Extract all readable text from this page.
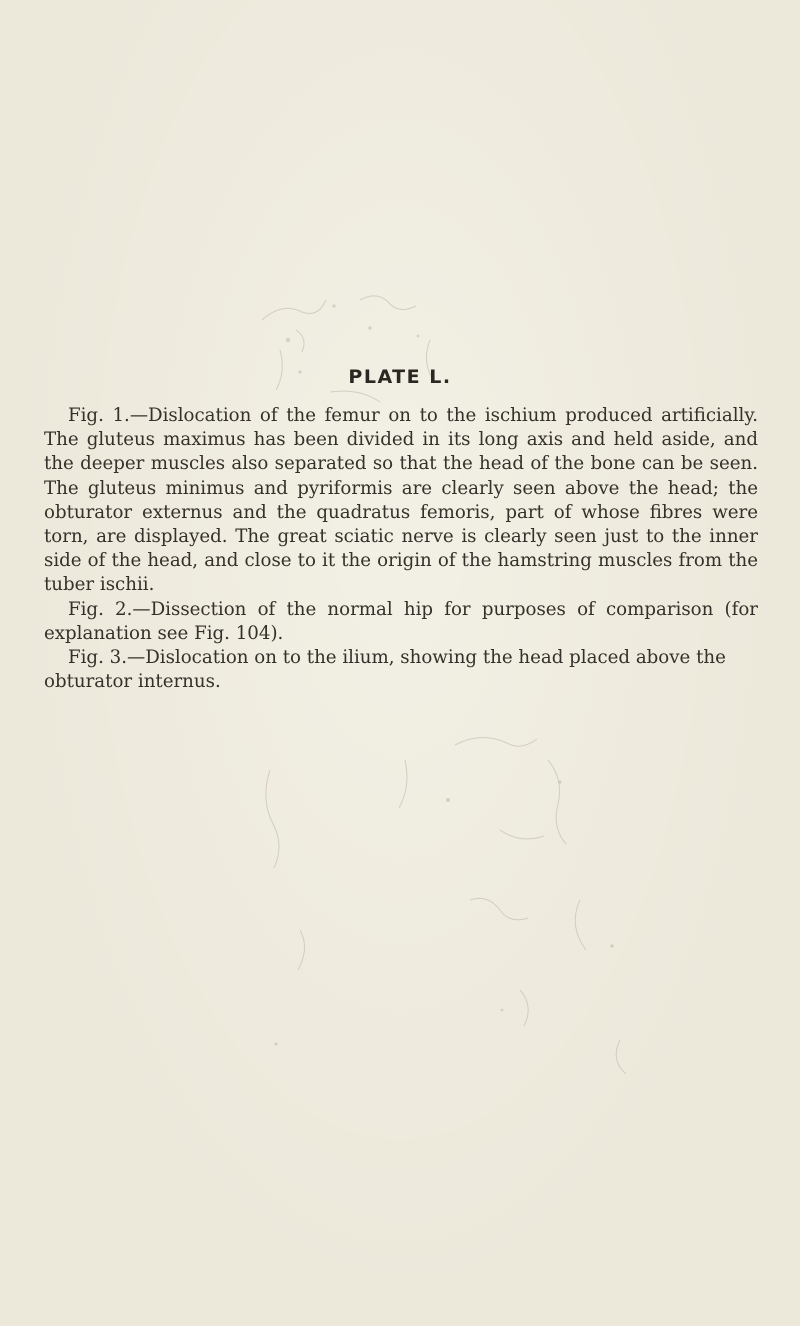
PLATE L.

Fig. 1.—Dislocation of the femur on to the ischium produced artificially. The gluteus maximus has been divided in its long axis and held aside, and the deeper muscles also separated so that the head of the bone can be seen. The gluteus minimus and pyriformis are clearly seen above the head; the obturator externus and the quadratus femoris, part of whose fibres were torn, are displayed. The great sciatic nerve is clearly seen just to the inner side of the head, and close to it the origin of the hamstring muscles from the tuber ischii.

Fig. 2.—Dissection of the normal hip for purposes of comparison (for explanation see Fig. 104).

Fig. 3.—Dislocation on to the ilium, showing the head placed above the obturator internus.
